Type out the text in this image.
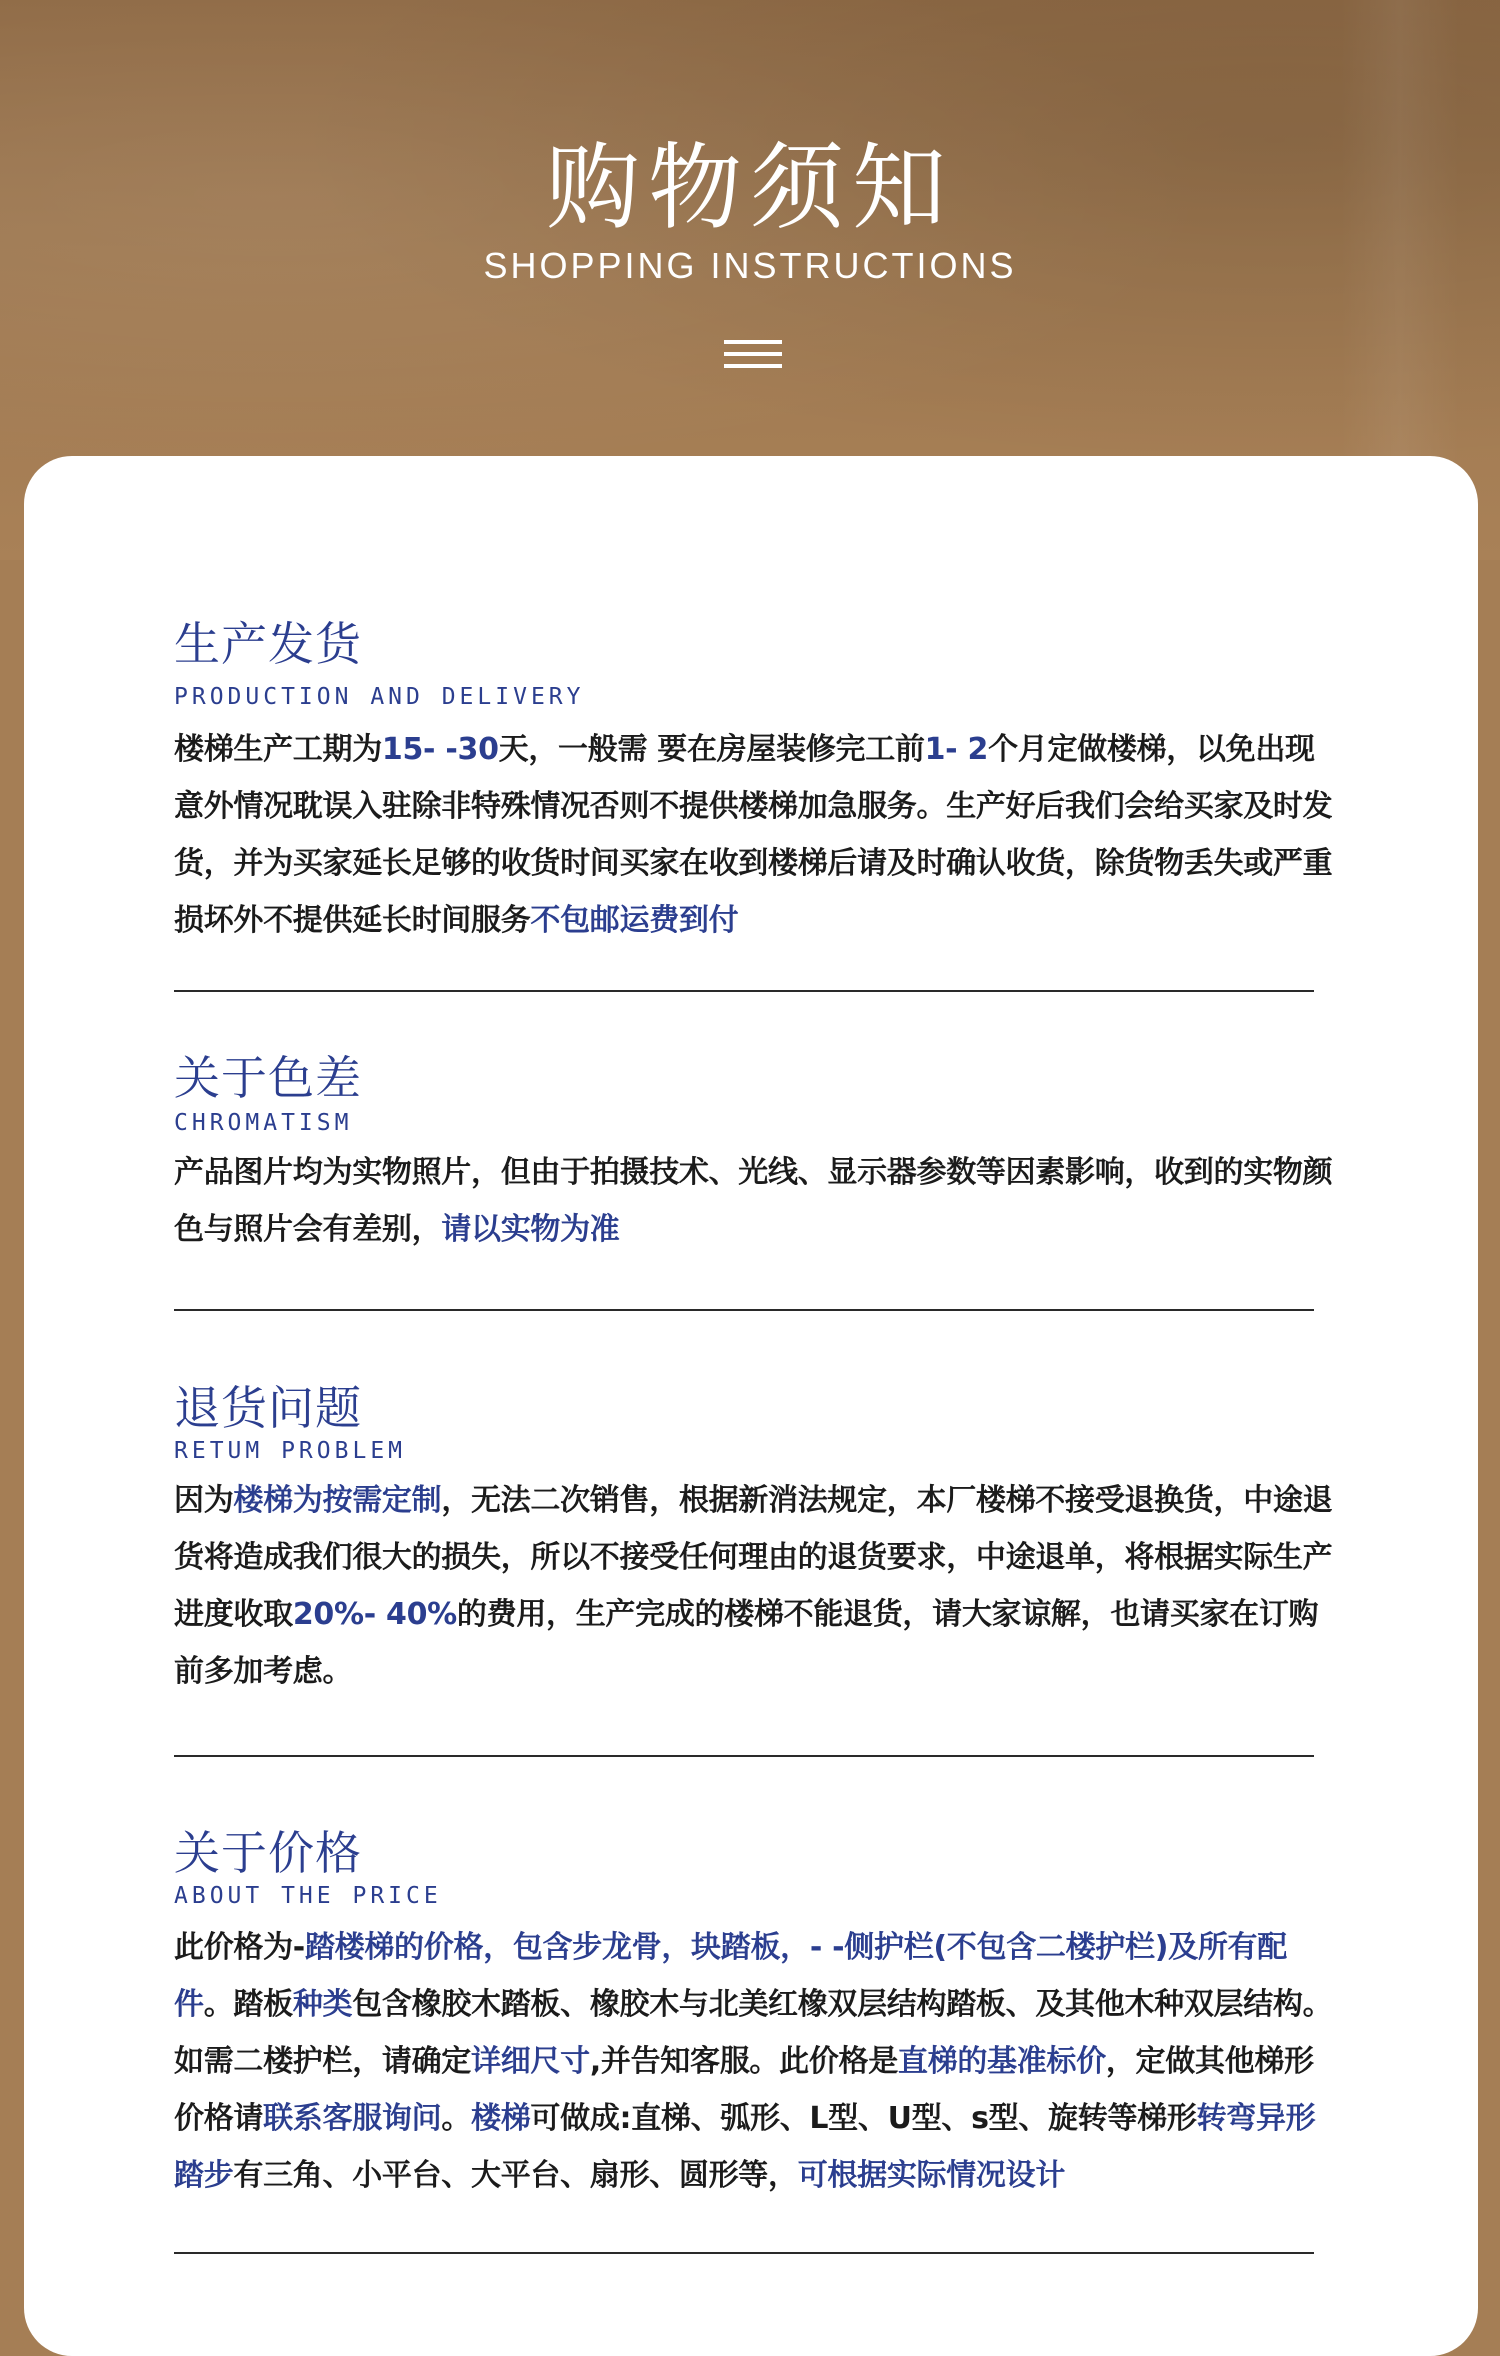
购物须知
SHOPPING INSTRUCTIONS
生产发货
PRODUCTION AND DELIVERY
楼梯生产工期为15- -30天，一般需 要在房屋装修完工前1- 2个月定做楼梯，以免出现意外情况耽误入驻除非特殊情况否则不提供楼梯加急服务。生产好后我们会给买家及时发货，并为买家延长足够的收货时间买家在收到楼梯后请及时确认收货，除货物丢失或严重损坏外不提供延长时间服务不包邮运费到付
关于色差
CHROMATISM
产品图片均为实物照片，但由于拍摄技术、光线、显示器参数等因素影响，收到的实物颜色与照片会有差别，请以实物为准
退货问题
RETUM PROBLEM
因为楼梯为按需定制，无法二次销售，根据新消法规定，本厂楼梯不接受退换货，中途退货将造成我们很大的损失，所以不接受任何理由的退货要求，中途退单，将根据实际生产进度收取20%- 40%的费用，生产完成的楼梯不能退货，请大家谅解，也请买家在订购前多加考虑。
关于价格
ABOUT THE PRICE
此价格为-踏楼梯的价格，包含步龙骨，块踏板，- -侧护栏(不包含二楼护栏)及所有配件。踏板种类包含橡胶木踏板、橡胶木与北美红橡双层结构踏板、及其他木种双层结构。如需二楼护栏，请确定详细尺寸,并告知客服。此价格是直梯的基准标价，定做其他梯形价格请联系客服询问。楼梯可做成:直梯、弧形、L型、U型、s型、旋转等梯形转弯异形踏步有三角、小平台、大平台、扇形、圆形等，可根据实际情况设计
